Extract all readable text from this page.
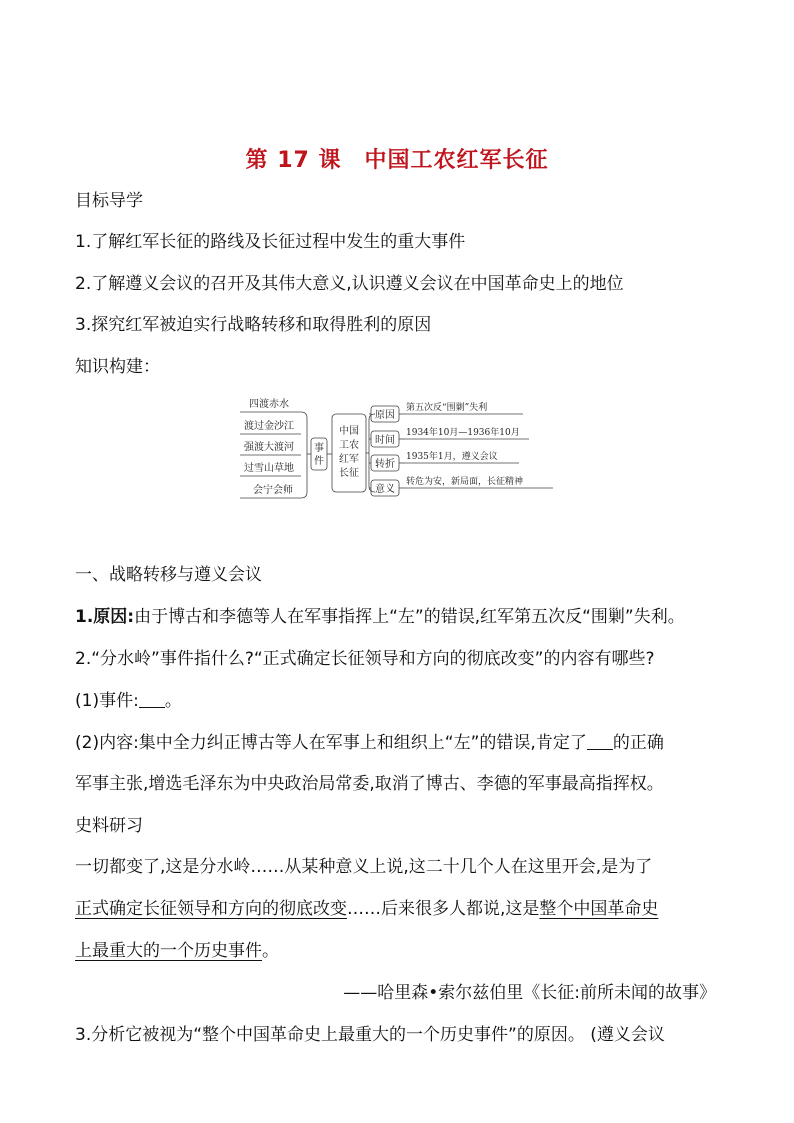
第 17 课　中国工农红军长征
目标导学
1.了解红军长征的路线及长征过程中发生的重大事件
2.了解遵义会议的召开及其伟大意义,认识遵义会议在中国革命史上的地位
3.探究红军被迫实行战略转移和取得胜利的原因
知识构建：
四渡赤水
渡过金沙江
强渡大渡河
过雪山草地
会宁会师
事
件
中国
工农
红军
长征
原因
时间
转折
意义
第五次反“围剿”失利
1934年10月—1936年10月
1935年1月，遵义会议
转危为安，新局面，长征精神
一、战略转移与遵义会议
1.原因:由于博古和李德等人在军事指挥上“左”的错误,红军第五次反“围剿”失利。
2.“分水岭”事件指什么?“正式确定长征领导和方向的彻底改变”的内容有哪些?
(1)事件: 。
(2)内容:集中全力纠正博古等人在军事上和组织上“左”的错误,肯定了 的正确
军事主张,增选毛泽东为中央政治局常委,取消了博古、李德的军事最高指挥权。
史料研习
一切都变了,这是分水岭……从某种意义上说,这二十几个人在这里开会,是为了
正式确定长征领导和方向的彻底改变……后来很多人都说,这是整个中国革命史
上最重大的一个历史事件。
——哈里森•索尔兹伯里《长征:前所未闻的故事》
3.分析它被视为“整个中国革命史上最重大的一个历史事件”的原因。 (遵义会议
